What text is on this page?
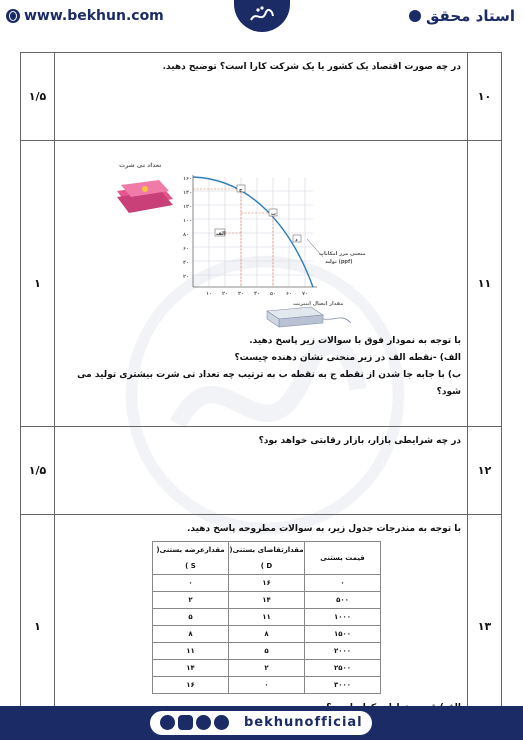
www.bekhun.com	استاد محقق
۱۰	
در چه صورت اقتصاد یک کشور یا یک شرکت کارا است؟ توضیح دهید.
	۱/۵
۱۱	
تعداد تی شرت
۱۶۰
۱۴۰
۱۲۰
۱۰۰
۸۰
۶۰
۴۰
۲۰
۱۰ ۲۰ ۳۰ ۴۰ ۵۰ ۶۰ ۷۰
ج
ب
الف
د
منحنی مرز امکانات
تولید (ppf)
مقدار اتصال اینترنت
با توجه به نمودار فوق با سوالات زیر پاسخ دهید.
الف) -نقطه الف در زیر منحنی نشان دهنده چیست؟
ب) با جابه جا شدن از نقطه ج به نقطه ب به ترتیب چه تعداد تی شرت بیشتری تولید می شود؟
	۱
۱۲	
در چه شرایطی بازار، بازار رقابتی خواهد بود؟
	۱/۵
۱۳	
با توجه به مندرجات جدول زیر، به سوالات مطروحه پاسخ دهید.
قیمت بستنی	مقدارتقاضای بستنی( D )	مقدارعرضه بستنی( S )
۰	۱۶	۰
۵۰۰	۱۴	۲
۱۰۰۰	۱۱	۵
۱۵۰۰	۸	۸
۲۰۰۰	۵	۱۱
۲۵۰۰	۲	۱۴
۳۰۰۰	۰	۱۶
	۱
bekhunofficial
